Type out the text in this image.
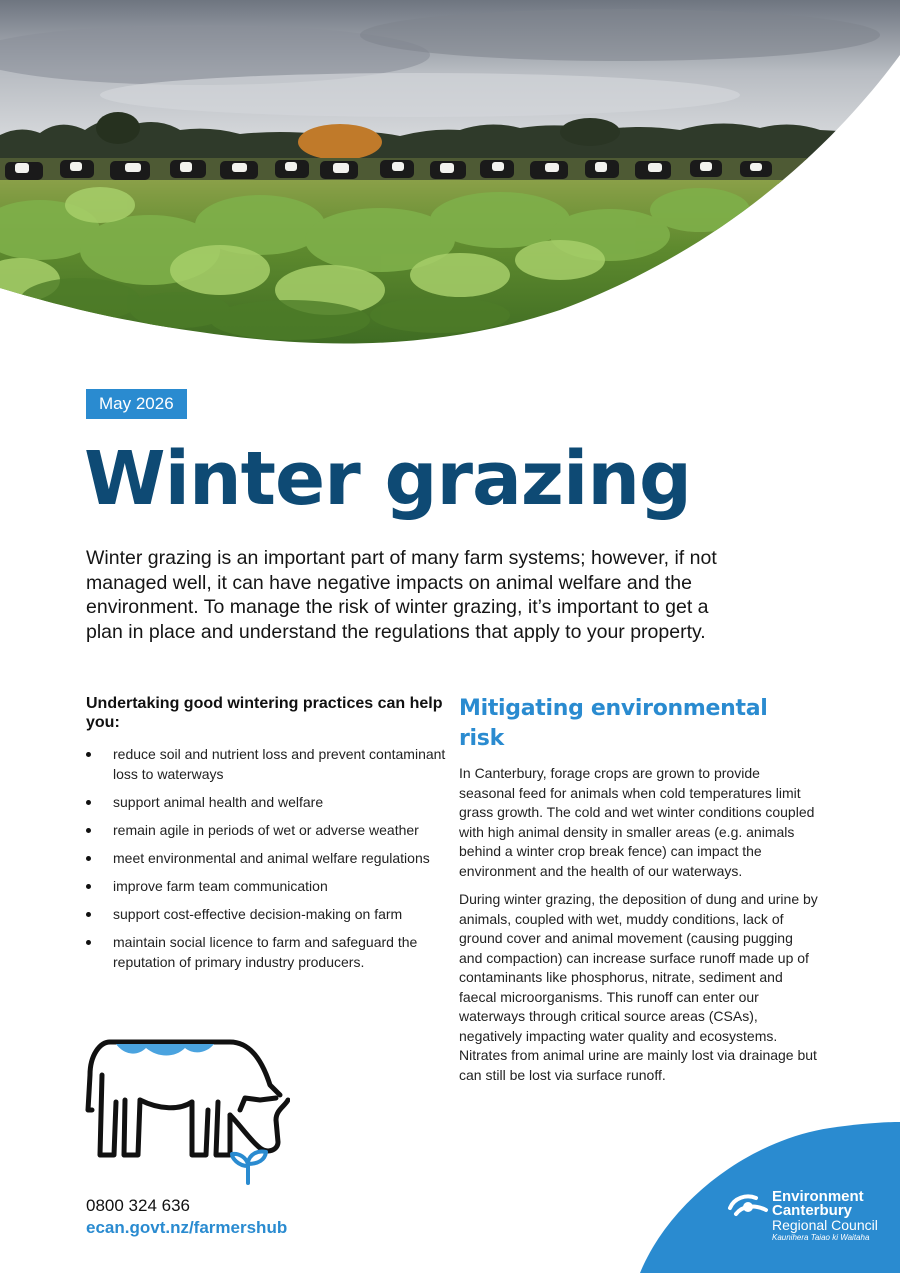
May 2026
Winter grazing

Winter grazing is an important part of many farm systems; however, if not managed well, it can have negative impacts on animal welfare and the environment. To manage the risk of winter grazing, it’s important to get a plan in place and understand the regulations that apply to your property.

Undertaking good wintering practices can help you:
reduce soil and nutrient loss and prevent contaminant loss to waterways
support animal health and welfare
remain agile in periods of wet or adverse weather
meet environmental and animal welfare regulations
improve farm team communication
support cost-effective decision-making on farm
maintain social licence to farm and safeguard the reputation of primary industry producers.
Mitigating environmental risk

In Canterbury, forage crops are grown to provide seasonal feed for animals when cold temperatures limit grass growth. The cold and wet winter conditions coupled with high animal density in smaller areas (e.g. animals behind a winter crop break fence) can impact the environment and the health of our waterways.

During winter grazing, the deposition of dung and urine by animals, coupled with wet, muddy conditions, lack of ground cover and animal movement (causing pugging and compaction) can increase surface runoff made up of contaminants like phosphorus, nitrate, sediment and faecal microorganisms. This runoff can enter our waterways through critical source areas (CSAs), negatively impacting water quality and ecosystems. Nitrates from animal urine are mainly lost via drainage but can still be lost via surface runoff.

0800 324 636
ecan.govt.nz/farmershub
Environment
Canterbury
Regional Council
Kaunihera Taiao ki Waitaha
